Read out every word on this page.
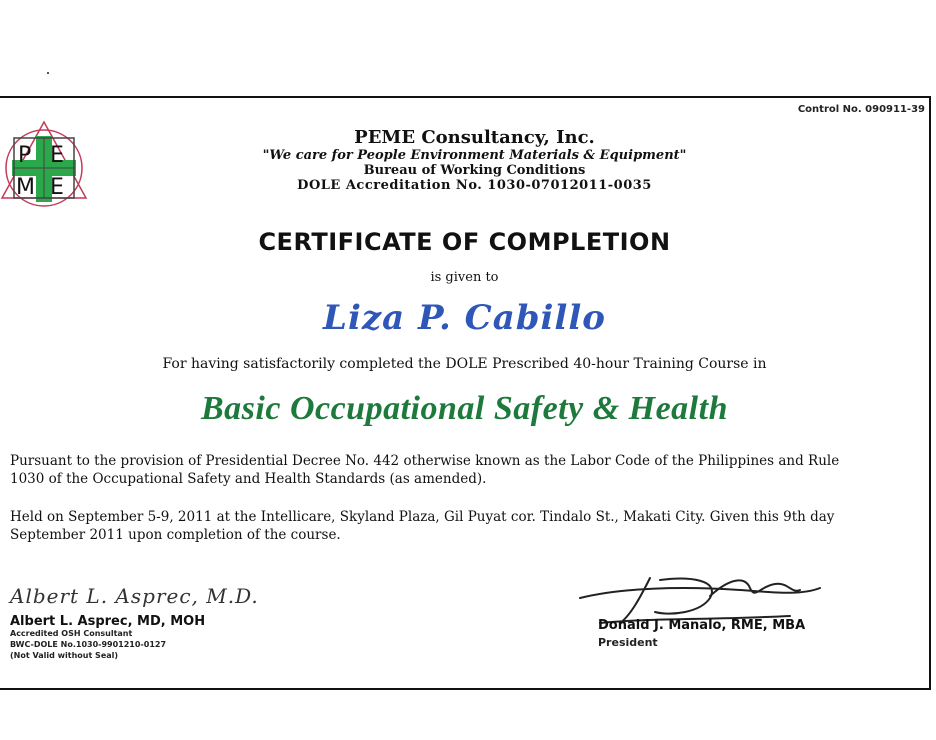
Control No. 090911-39
P E
M E
PEME Consultancy, Inc.
"We care for People Environment Materials & Equipment"
Bureau of Working Conditions
DOLE Accreditation No. 1030-07012011-0035
CERTIFICATE OF COMPLETION
is given to
Liza P. Cabillo
For having satisfactorily completed the DOLE Prescribed 40-hour Training Course in
Basic Occupational Safety & Health
Pursuant to the provision of Presidential Decree No. 442 otherwise known as the Labor Code of the Philippines and Rule 1030 of the Occupational Safety and Health Standards (as amended).
Held on September 5-9, 2011 at the Intellicare, Skyland Plaza, Gil Puyat cor. Tindalo St., Makati City. Given this 9th day September 2011 upon completion of the course.
Albert L. Asprec, M.D.
Albert L. Asprec, MD, MOH
Accredited OSH Consultant
BWC-DOLE No.1030-9901210-0127
(Not Valid without Seal)
Donald J. Manalo, RME, MBA
President
